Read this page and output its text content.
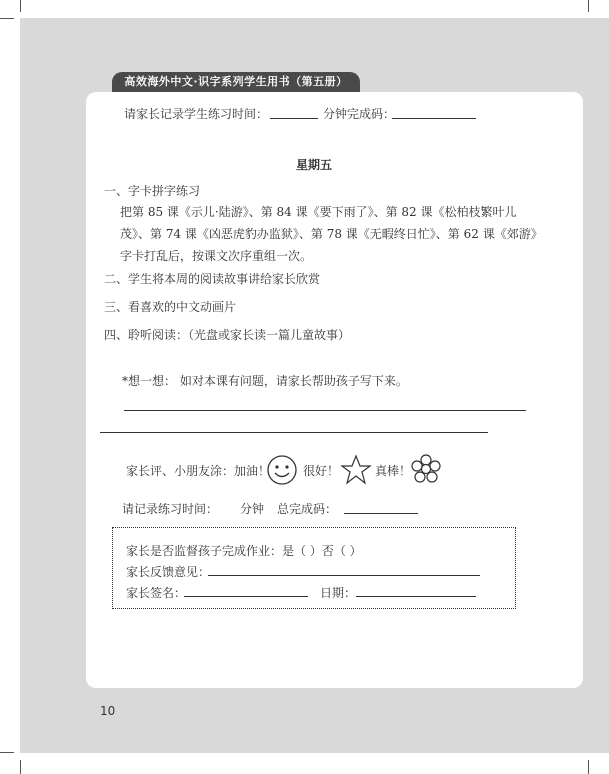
高效海外中文·识字系列学生用书（第五册）
请家长记录学生练习时间：	分钟完成码：
星期五
一、字卡拼字练习
把第 85 课《示儿·陆游》、第 84 课《要下雨了》、第 82 课《松柏枝繁叶儿茂》、第 74 课《凶恶虎豹办监狱》、第 78 课《无暇终日忙》、第 62 课《郊游》字卡打乱后，按课文次序重组一次。
二、学生将本周的阅读故事讲给家长欣赏
三、看喜欢的中文动画片
四、聆听阅读：（光盘或家长读一篇儿童故事）
*想一想： 如对本课有问题，请家长帮助孩子写下来。
家长评、小朋友涂：加油！	很好！	真棒！
请记录练习时间： 分钟 总完成码：
家长是否监督孩子完成作业：是（ ）否（ ）
家长反馈意见：
家长签名：	日期：
10
